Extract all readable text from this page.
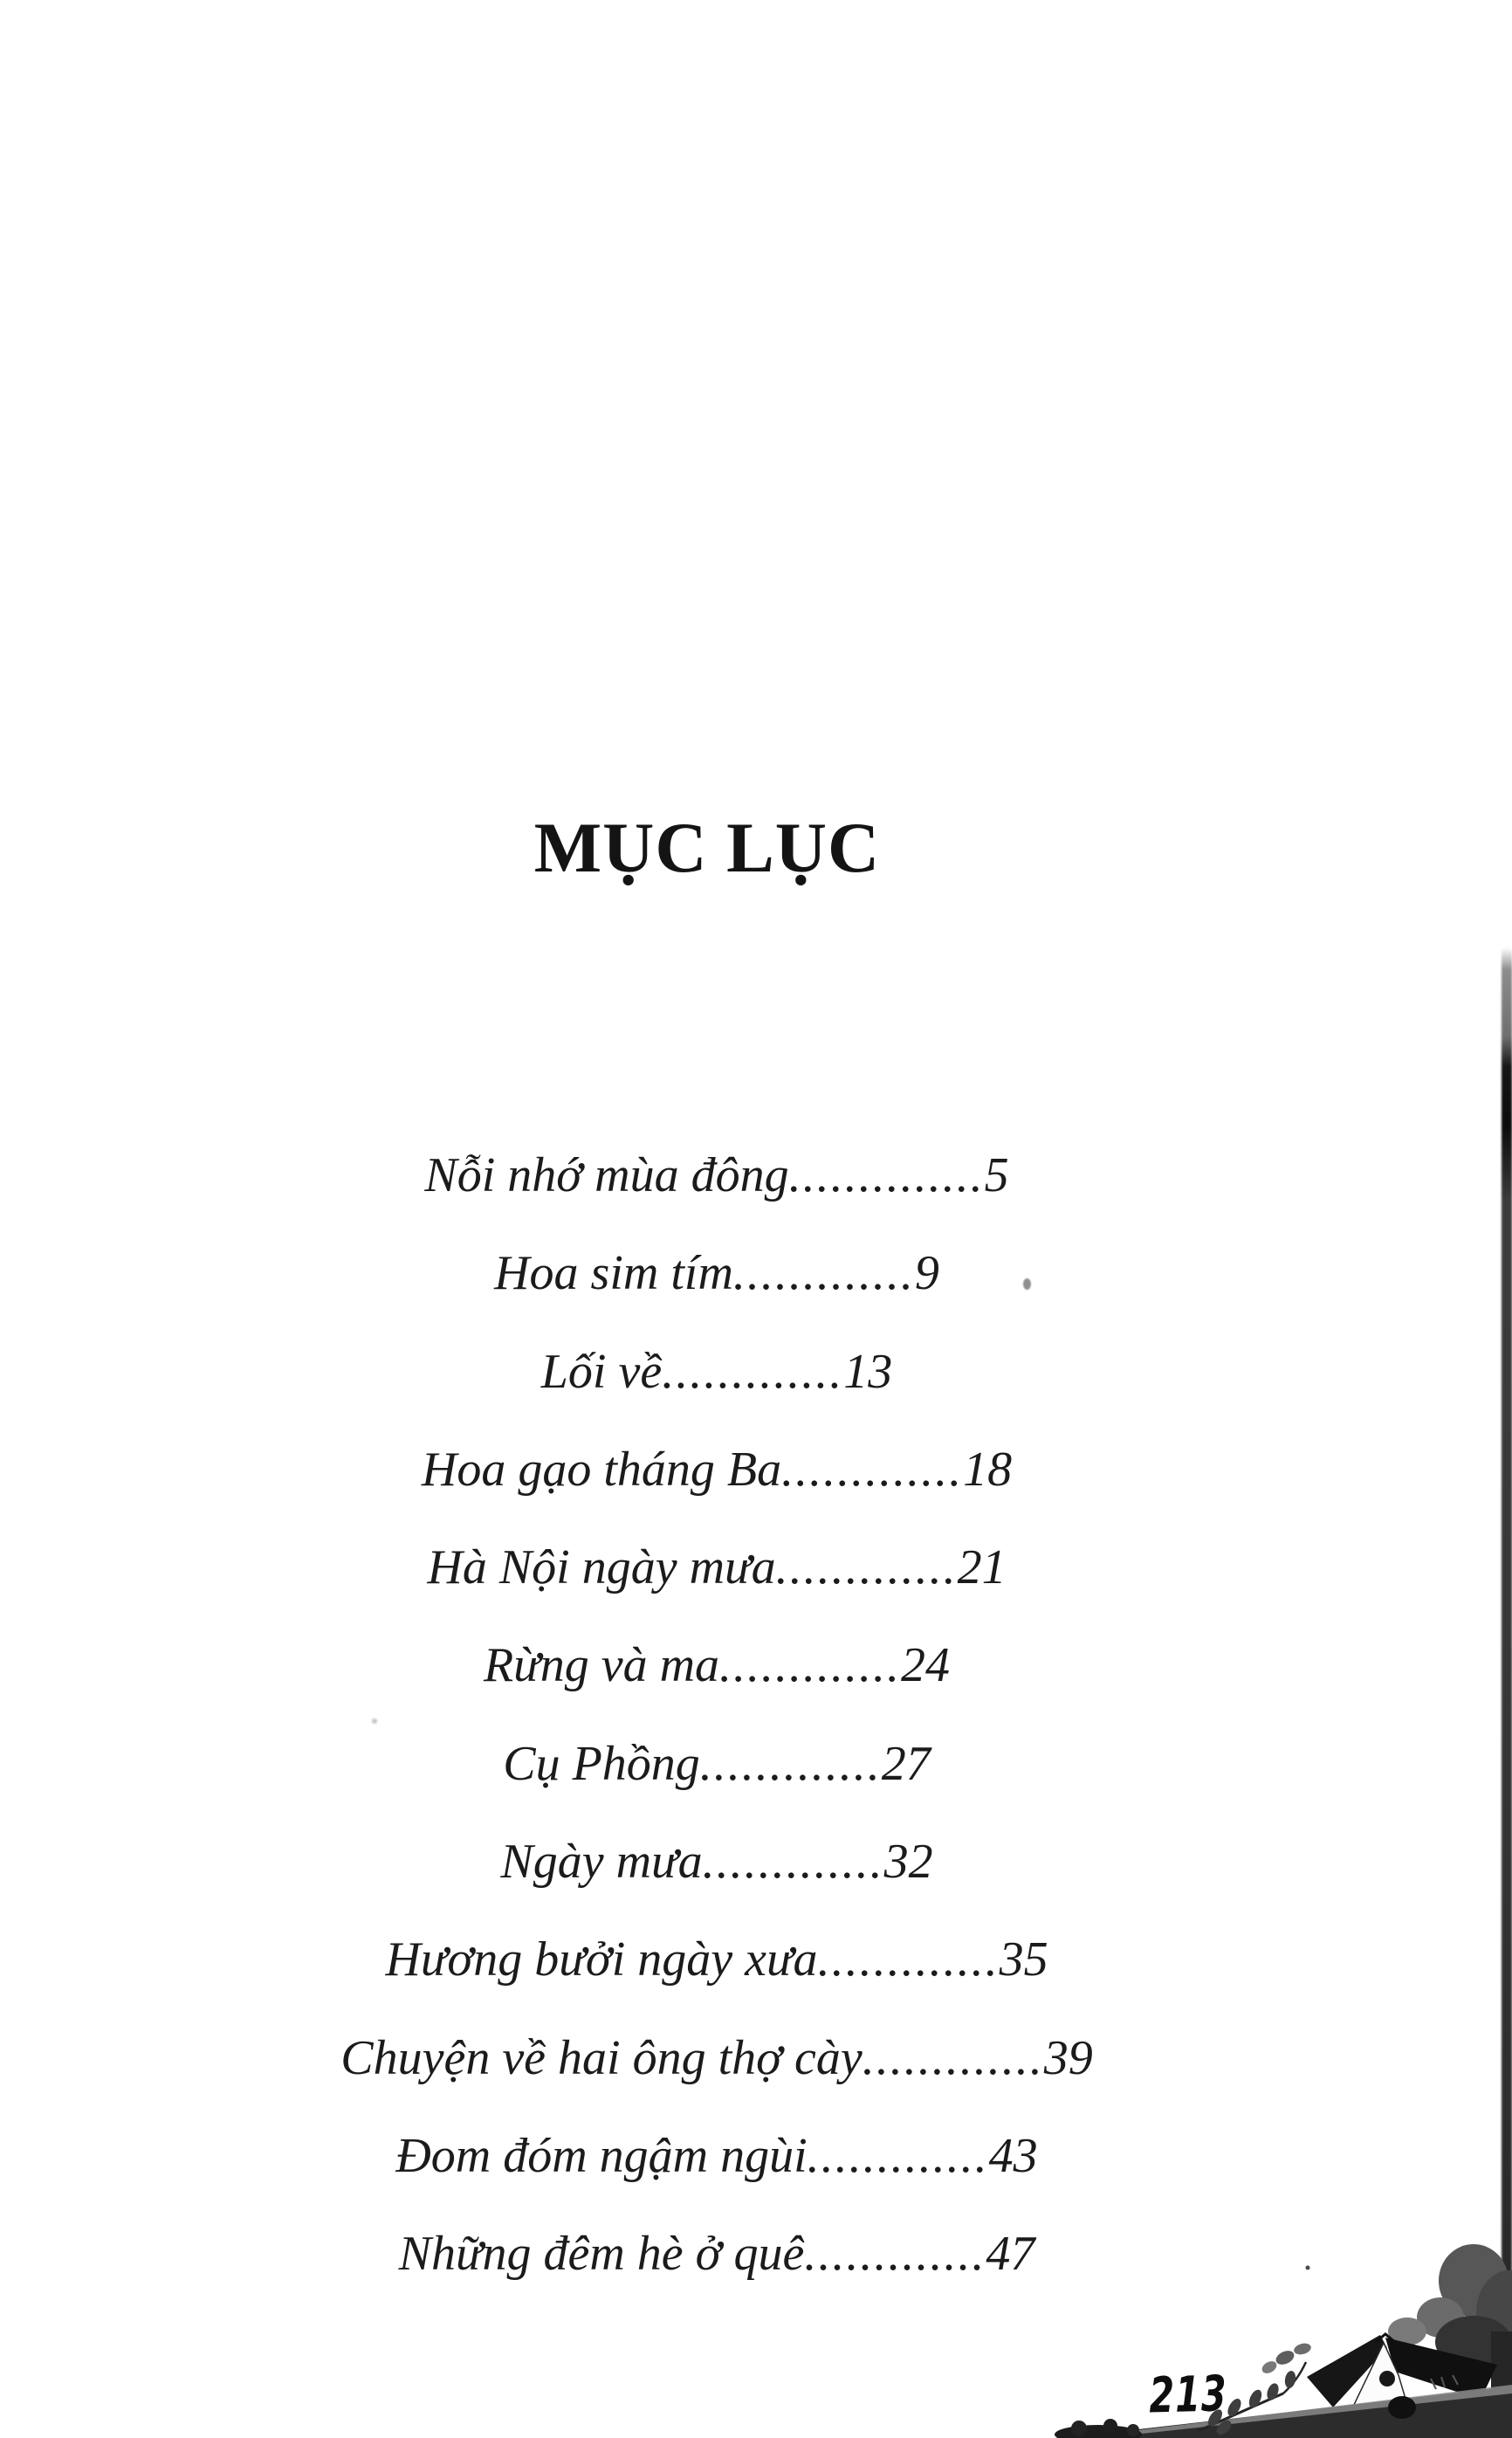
MỤC LỤC
Nỗi nhớ mùa đông..............5
Hoa sim tím.............9
Lối về.............13
Hoa gạo tháng Ba.............18
Hà Nội ngày mưa.............21
Rừng và ma.............24
Cụ Phồng.............27
Ngày mưa.............32
Hương bưởi ngày xưa.............35
Chuyện về hai ông thợ cày.............39
Đom đóm ngậm ngùi.............43
Những đêm hè ở quê.............47
213
